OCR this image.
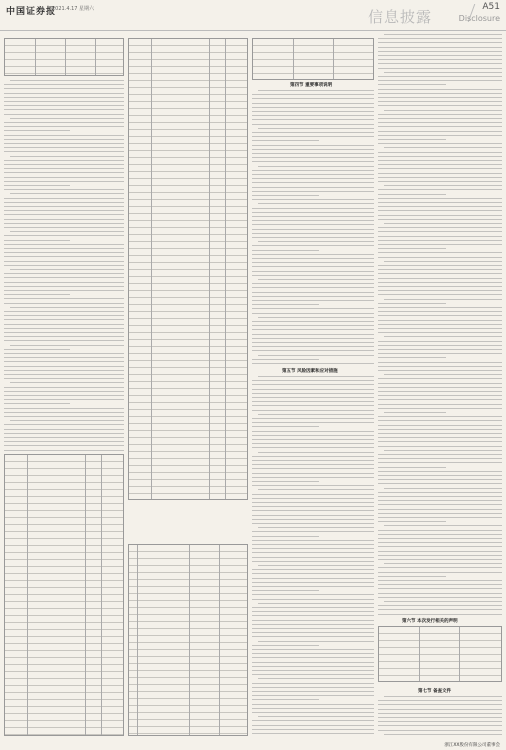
中国证券报
2021.4.17 星期六	信息披露
A51
Disclosure
第四节 重要事项说明
第五节 风险因素和应对措施
第六节 本次发行相关的声明
第七节 备查文件
浙江XX股份有限公司董事会
